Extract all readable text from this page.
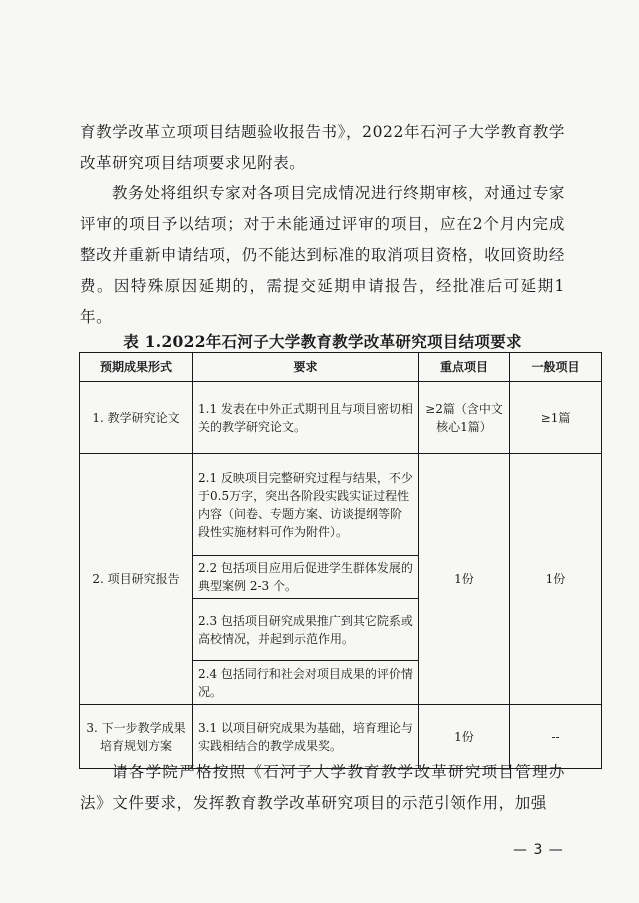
育教学改革立项项目结题验收报告书》，2022年石河子大学教育教学改革研究项目结项要求见附表。

教务处将组织专家对各项目完成情况进行终期审核，对通过专家评审的项目予以结项；对于未能通过评审的项目，应在2个月内完成整改并重新申请结项，仍不能达到标准的取消项目资格，收回资助经费。因特殊原因延期的，需提交延期申请报告，经批准后可延期1年。

表 1.2022年石河子大学教育教学改革研究项目结项要求

预期成果形式	要求	重点项目	一般项目
1. 教学研究论文	1.1 发表在中外正式期刊且与项目密切相关的教学研究论文。	≥2篇（含中文核心1篇）	≥1篇
2. 项目研究报告	2.1 反映项目完整研究过程与结果，不少于0.5万字，突出各阶段实践实证过程性内容（问卷、专题方案、访谈提纲等阶段性实施材料可作为附件）。	1份	1份
	2.2 包括项目应用后促进学生群体发展的典型案例 2-3 个。		
	2.3 包括项目研究成果推广到其它院系或高校情况，并起到示范作用。		
	2.4 包括同行和社会对项目成果的评价情况。		
3. 下一步教学成果培育规划方案	3.1 以项目研究成果为基础，培育理论与实践相结合的教学成果奖。	1份	--

请各学院严格按照《石河子大学教育教学改革研究项目管理办法》文件要求，发挥教育教学改革研究项目的示范引领作用，加强

— 3 —
